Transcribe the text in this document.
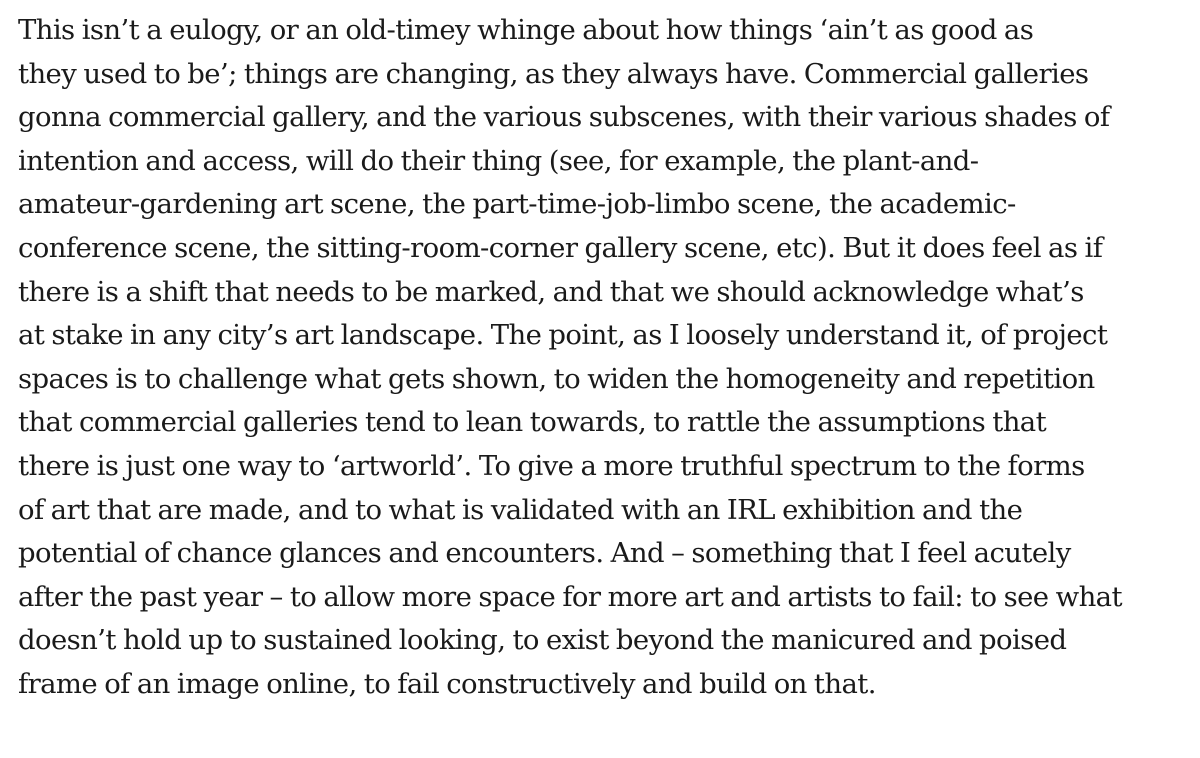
This isn’t a eulogy, or an old-timey whinge about how things ‘ain’t as good as
they used to be’; things are changing, as they always have. Commercial galleries
gonna commercial gallery, and the various subscenes, with their various shades of
intention and access, will do their thing (see, for example, the plant-and-
amateur-gardening art scene, the part-time-job-limbo scene, the academic-
conference scene, the sitting-room-corner gallery scene, etc). But it does feel as if
there is a shift that needs to be marked, and that we should acknowledge what’s
at stake in any city’s art landscape. The point, as I loosely understand it, of project
spaces is to challenge what gets shown, to widen the homogeneity and repetition
that commercial galleries tend to lean towards, to rattle the assumptions that
there is just one way to ‘artworld’. To give a more truthful spectrum to the forms
of art that are made, and to what is validated with an IRL exhibition and the
potential of chance glances and encounters. And – something that I feel acutely
after the past year – to allow more space for more art and artists to fail: to see what
doesn’t hold up to sustained looking, to exist beyond the manicured and poised
frame of an image online, to fail constructively and build on that.
